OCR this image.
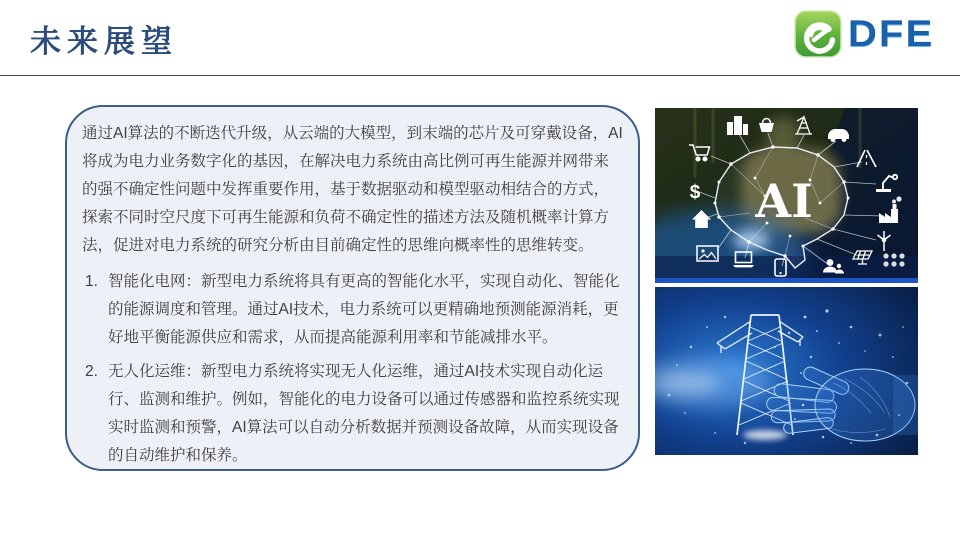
未来展望	DFE

通过AI算法的不断迭代升级，从云端的大模型，到末端的芯片及可穿戴设备，AI将成为电力业务数字化的基因，在解决电力系统由高比例可再生能源并网带来的强不确定性问题中发挥重要作用，基于数据驱动和模型驱动相结合的方式，探索不同时空尺度下可再生能源和负荷不确定性的描述方法及随机概率计算方法，促进对电力系统的研究分析由目前确定性的思维向概率性的思维转变。

1. 智能化电网：新型电力系统将具有更高的智能化水平，实现自动化、智能化的能源调度和管理。通过AI技术，电力系统可以更精确地预测能源消耗，更好地平衡能源供应和需求，从而提高能源利用率和节能减排水平。
2. 无人化运维：新型电力系统将实现无人化运维，通过AI技术实现自动化运行、监测和维护。例如，智能化的电力设备可以通过传感器和监控系统实现实时监测和预警，AI算法可以自动分析数据并预测设备故障，从而实现设备的自动维护和保养。
AI
$
